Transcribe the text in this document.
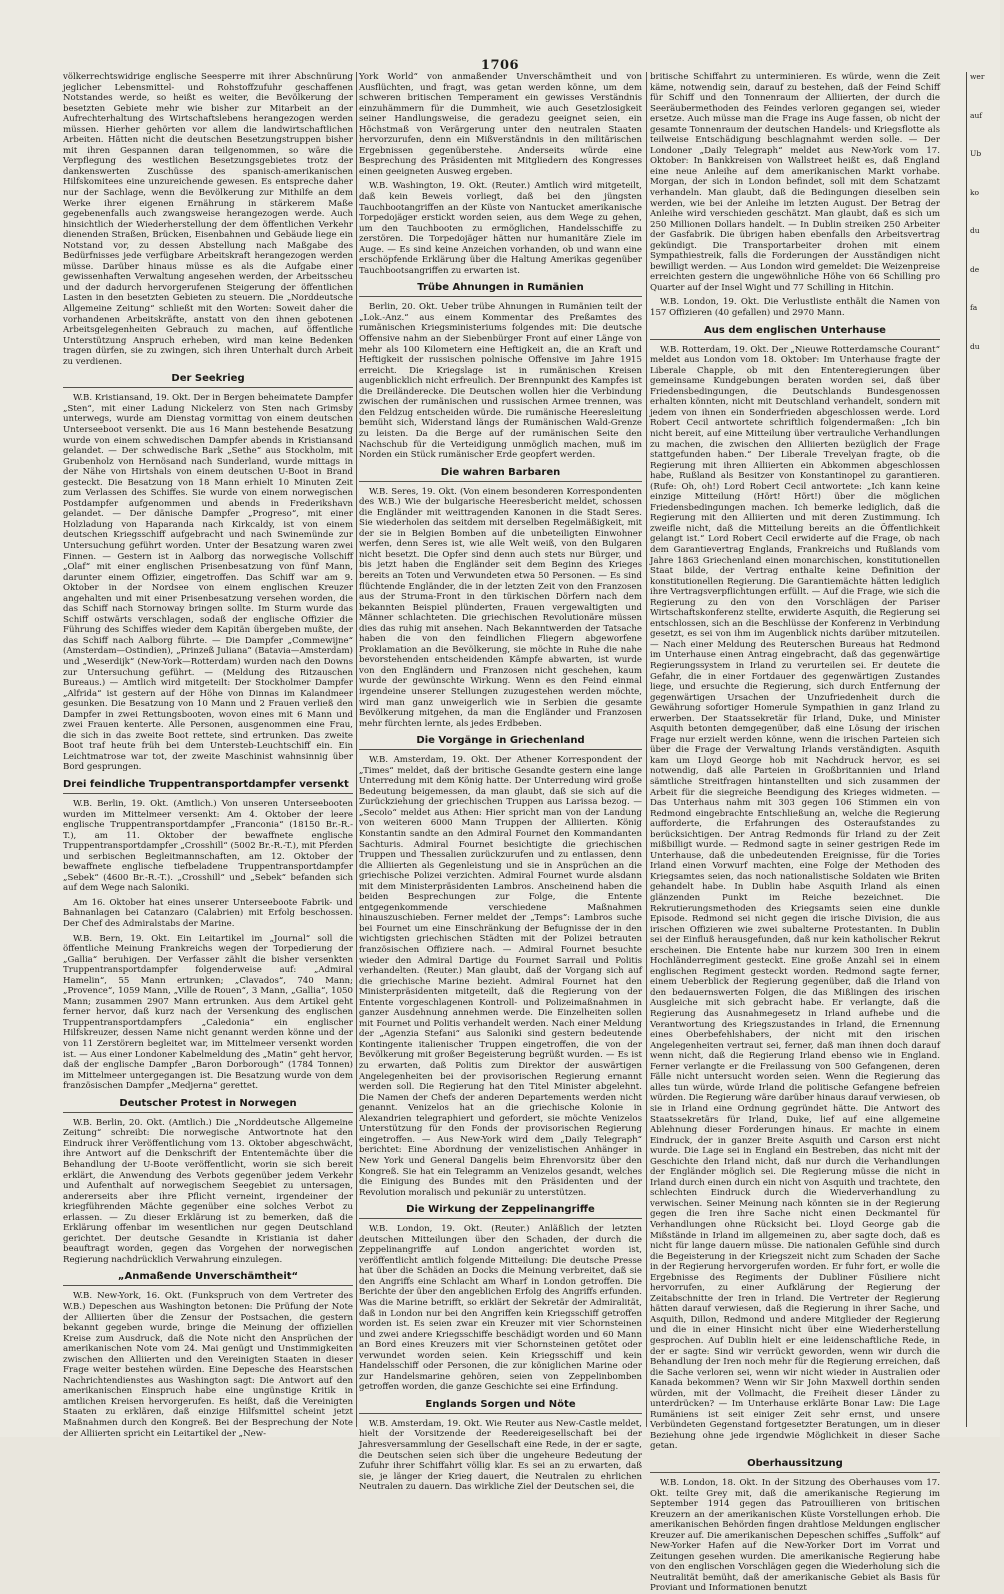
1706

völkerrechtswidrige englische Seesperre mit ihrer Abschnürung jeglicher Lebensmittel- und Rohstoffzufuhr geschaffenen Notstandes werde, so heißt es weiter, die Bevölkerung der besetzten Gebiete mehr wie bisher zur Mitarbeit an der Aufrechterhaltung des Wirtschaftslebens herangezogen werden müssen. Hierher gehörten vor allem die landwirtschaftlichen Arbeiten. Hätten nicht die deutschen Besetzungstruppen bisher mit ihren Gespannen daran teilgenommen, so wäre die Verpflegung des westlichen Besetzungsgebietes trotz der dankenswerten Zuschüsse des spanisch-amerikanischen Hilfskomitees eine unzureichende gewesen. Es entspreche daher nur der Sachlage, wenn die Bevölkerung zur Mithilfe an dem Werke ihrer eigenen Ernährung in stärkerem Maße gegebenenfalls auch zwangsweise herangezogen werde. Auch hinsichtlich der Wiederherstellung der dem öffentlichen Verkehr dienenden Straßen, Brücken, Eisenbahnen und Gebäude liege ein Notstand vor, zu dessen Abstellung nach Maßgabe des Bedürfnisses jede verfügbare Arbeitskraft herangezogen werden müsse. Darüber hinaus müsse es als die Aufgabe einer gewissenhaften Verwaltung angesehen werden, der Arbeitsscheu und der dadurch hervorgerufenen Steigerung der öffentlichen Lasten in den besetzten Gebieten zu steuern. Die „Norddeutsche Allgemeine Zeitung“ schließt mit den Worten: Soweit daher die vorhandenen Arbeitskräfte, anstatt von den ihnen gebotenen Arbeitsgelegenheiten Gebrauch zu machen, auf öffentliche Unterstützung Anspruch erheben, wird man keine Bedenken tragen dürfen, sie zu zwingen, sich ihren Unterhalt durch Arbeit zu verdienen.

Der Seekrieg

W.B. Kristiansand, 19. Okt. Der in Bergen beheimatete Dampfer „Sten“, mit einer Ladung Nickelerz von Sten nach Grimsby unterwegs, wurde am Dienstag vormittag von einem deutschen Unterseeboot versenkt. Die aus 16 Mann bestehende Besatzung wurde von einem schwedischen Dampfer abends in Kristiansand gelandet. — Der schwedische Bark „Sethe“ aus Stockholm, mit Grubenholz von Hernösand nach Sunderland, wurde mittags in der Nähe von Hirtshals von einem deutschen U-Boot in Brand gesteckt. Die Besatzung von 18 Mann erhielt 10 Minuten Zeit zum Verlassen des Schiffes. Sie wurde von einem norwegischen Postdampfer aufgenommen und abends in Frederikshavn gelandet. — Der dänische Dampfer „Progreso“, mit einer Holzladung von Haparanda nach Kirkcaldy, ist von einem deutschen Kriegsschiff aufgebracht und nach Swinemünde zur Untersuchung geführt worden. Unter der Besatzung waren zwei Finnen. — Gestern ist in Aalborg das norwegische Vollschiff „Olaf“ mit einer englischen Prisenbesatzung von fünf Mann, darunter einem Offizier, eingetroffen. Das Schiff war am 9. Oktober in der Nordsee von einem englischen Kreuzer angehalten und mit einer Prisenbesatzung versehen worden, die das Schiff nach Stornoway bringen sollte. Im Sturm wurde das Schiff ostwärts verschlagen, sodaß der englische Offizier die Führung des Schiffes wieder dem Kapitän übergeben mußte, der das Schiff nach Aalborg führte. — Die Dampfer „Commewijne“ (Amsterdam—Ostindien), „Prinzeß Juliana“ (Batavia—Amsterdam) und „Weserdijk“ (New-York—Rotterdam) wurden nach den Downs zur Untersuchung geführt. — (Meldung des Ritzauschen Bureaus.) — Amtlich wird mitgeteilt: Der Stockholmer Dampfer „Alfrida“ ist gestern auf der Höhe von Dinnas im Kalandmeer gesunken. Die Besatzung von 10 Mann und 2 Frauen verließ den Dampfer in zwei Rettungsbooten, wovon eines mit 6 Mann und zwei Frauen kenterte. Alle Personen, ausgenommen eine Frau, die sich in das zweite Boot rettete, sind ertrunken. Das zweite Boot traf heute früh bei dem Untersteb-Leuchtschiff ein. Ein Leichtmatrose war tot, der zweite Maschinist wahnsinnig über Bord gesprungen.

Drei feindliche Truppentransportdampfer versenkt

W.B. Berlin, 19. Okt. (Amtlich.) Von unseren Unterseebooten wurden im Mittelmeer versenkt: Am 4. Oktober der leere englische Truppentransportdampfer „Franconia“ (18150 Br.-R.-T.), am 11. Oktober der bewaffnete englische Truppentransportdampfer „Crosshill“ (5002 Br.-R.-T.), mit Pferden und serbischen Begleitmannschaften, am 12. Oktober der bewaffnete englische tiefbeladene Truppentransportdampfer „Sebek“ (4600 Br.-R.-T.). „Crosshill“ und „Sebek“ befanden sich auf dem Wege nach Saloniki.

Am 16. Oktober hat eines unserer Unterseeboote Fabrik- und Bahnanlagen bei Catanzaro (Calabrien) mit Erfolg beschossen. Der Chef des Admiralstabs der Marine.

W.B. Bern, 19. Okt. Ein Leitartikel im „Journal“ soll die öffentliche Meinung Frankreichs wegen der Torpedierung der „Gallia“ beruhigen. Der Verfasser zählt die bisher versenkten Truppentransportdampfer folgenderweise auf: „Admiral Hamelin“, 55 Mann ertrunken; „Clavados“, 740 Mann; „Provence“, 1059 Mann, „Ville de Rouen“, 3 Mann, „Gallia“, 1050 Mann; zusammen 2907 Mann ertrunken. Aus dem Artikel geht ferner hervor, daß kurz nach der Versenkung des englischen Truppentransportdampfers „Caledonia“ ein englischer Hilfskreuzer, dessen Name nicht genannt werden könne und der von 11 Zerstörern begleitet war, im Mittelmeer versenkt worden ist. — Aus einer Londoner Kabelmeldung des „Matin“ geht hervor, daß der englische Dampfer „Baron Dorborough“ (1784 Tonnen) im Mittelmeer untergegangen ist. Die Besatzung wurde von dem französischen Dampfer „Medjerna“ gerettet.

Deutscher Protest in Norwegen

W.B. Berlin, 20. Okt. (Amtlich.) Die „Norddeutsche Allgemeine Zeitung“ schreibt: Die norwegische Antwortnote hat den Eindruck ihrer Veröffentlichung vom 13. Oktober abgeschwächt, ihre Antwort auf die Denkschrift der Ententemächte über die Behandlung der U-Boote veröffentlicht, worin sie sich bereit erklärt, die Anwendung des Verbots gegenüber jedem Verkehr und Aufenthalt auf norwegischem Seegebiet zu untersagen, andererseits aber ihre Pflicht verneint, irgendeiner der kriegführenden Mächte gegenüber eine solches Verbot zu erlassen. — Zu dieser Erklärung ist zu bemerken, daß die Erklärung offenbar im wesentlichen nur gegen Deutschland gerichtet. Der deutsche Gesandte in Kristiania ist daher beauftragt worden, gegen das Vorgehen der norwegischen Regierung nachdrücklich Verwahrung einzulegen.

„Anmaßende Unverschämtheit“

W.B. New-York, 16. Okt. (Funkspruch von dem Vertreter des W.B.) Depeschen aus Washington betonen: Die Prüfung der Note der Alliierten über die Zensur der Postsachen, die gestern bekannt gegeben wurde, bringe die Meinung der offiziellen Kreise zum Ausdruck, daß die Note nicht den Ansprüchen der amerikanischen Note vom 24. Mai genügt und Unstimmigkeiten zwischen den Alliierten und den Vereinigten Staaten in dieser Frage weiter bestehen würden. Eine Depesche des Hearstschen Nachrichtendienstes aus Washington sagt: Die Antwort auf den amerikanischen Einspruch habe eine ungünstige Kritik in amtlichen Kreisen hervorgerufen. Es heißt, daß die Vereinigten Staaten zu erklären, daß einzige Hilfsmittel scheint jetzt Maßnahmen durch den Kongreß. Bei der Besprechung der Note der Alliierten spricht ein Leitartikel der „New-

York World“ von anmaßender Unverschämtheit und von Ausflüchten, und fragt, was getan werden könne, um dem schweren britischen Temperament ein gewisses Verständnis einzuhämmern für die Dummheit, wie auch Gesetzlosigkeit seiner Handlungsweise, die geradezu geeignet seien, ein Höchstmaß von Verärgerung unter den neutralen Staaten hervorzurufen, denn ein Mißverständnis in den militärischen Ergebnissen gegenüberstehe. Anderseits würde eine Besprechung des Präsidenten mit Mitgliedern des Kongresses einen geeigneten Ausweg ergeben.

W.B. Washington, 19. Okt. (Reuter.) Amtlich wird mitgeteilt, daß kein Beweis vorliegt, daß bei den jüngsten Tauchbootangriffen an der Küste von Nantucket amerikanische Torpedojäger erstickt worden seien, aus dem Wege zu gehen, um den Tauchbooten zu ermöglichen, Handelsschiffe zu zerstören. Die Torpedojäger hätten nur humanitäre Ziele im Auge. — Es sind keine Anzeichen vorhanden, ob und wann eine erschöpfende Erklärung über die Haltung Amerikas gegenüber Tauchbootsangriffen zu erwarten ist.

Trübe Ahnungen in Rumänien

Berlin, 20. Okt. Ueber trübe Ahnungen in Rumänien teilt der „Lok.-Anz.“ aus einem Kommentar des Preßamtes des rumänischen Kriegsministeriums folgendes mit: Die deutsche Offensive nahm an der Siebenbürger Front auf einer Länge von mehr als 100 Kilometern eine Heftigkeit an, die an Kraft und Heftigkeit der russischen polnische Offensive im Jahre 1915 erreicht. Die Kriegslage ist in rumänischen Kreisen augenblicklich nicht erfreulich. Der Brennpunkt des Kampfes ist die Dreiländerecke. Die Deutschen wollen hier die Verbindung zwischen der rumänischen und russischen Armee trennen, was den Feldzug entscheiden würde. Die rumänische Heeresleitung bemüht sich, Widerstand längs der Rumänischen Wald-Grenze zu leisten. Da die Berge auf der rumänischen Seite den Nachschub für die Verteidigung unmöglich machen, muß im Norden ein Stück rumänischer Erde geopfert werden.

Die wahren Barbaren

W.B. Seres, 19. Okt. (Von einem besonderen Korrespondenten des W.B.) Wie der bulgarische Heeresbericht meldet, schossen die Engländer mit weittragenden Kanonen in die Stadt Seres. Sie wiederholen das seitdem mit derselben Regelmäßigkeit, mit der sie in Belgien Bomben auf die unbeteiligten Einwohner werfen, denn Seres ist, wie alle Welt weiß, von den Bulgaren nicht besetzt. Die Opfer sind denn auch stets nur Bürger, und bis jetzt haben die Engländer seit dem Beginn des Krieges bereits an Toten und Verwundeten etwa 50 Personen. — Es sind flüchtende Engländer, die in der letzten Zeit von den Franzosen aus der Struma-Front in den türkischen Dörfern nach dem bekannten Beispiel plünderten, Frauen vergewaltigten und Männer schlachteten. Die griechischen Revolutionäre müssen dies das ruhig mit ansehen. Nach Bekanntwerden der Tatsache haben die von den feindlichen Fliegern abgeworfene Proklamation an die Bevölkerung, sie möchte in Ruhe die nahe bevorstehenden entscheidenden Kämpfe abwarten, ist wurde von den Engländern und Franzosen nicht geschehen, kaum wurde der gewünschte Wirkung. Wenn es den Feind einmal irgendeine unserer Stellungen zuzugestehen werden möchte, wird man ganz unweigerlich wie in Serbien die gesamte Bevölkerung mitgehen, da man die Engländer und Franzosen mehr fürchten lernte, als jedes Erdbeben.

Die Vorgänge in Griechenland

W.B. Amsterdam, 19. Okt. Der Athener Korrespondent der „Times“ meldet, daß der britische Gesandte gestern eine lange Unterredung mit dem König hatte. Der Unterredung wird große Bedeutung beigemessen, da man glaubt, daß sie sich auf die Zurückziehung der griechischen Truppen aus Larissa bezog. — „Secolo“ meldet aus Athen: Hier spricht man von der Landung von weiteren 6000 Mann Truppen der Alliierten. König Konstantin sandte an den Admiral Fournet den Kommandanten Sachturis. Admiral Fournet besichtigte die griechischen Truppen und Thessalien zurückzurufen und zu entlassen, denn die Alliierten als Gegenleistung und sie in Ansprüchen an die griechische Polizei verzichten. Admiral Fournet wurde alsdann mit dem Ministerpräsidenten Lambros. Anscheinend haben die beiden Besprechungen zur Folge, die Entente entgegenkommende verschiedene Maßnahmen hinauszuschieben. Ferner meldet der „Temps“: Lambros suche bei Fournet um eine Einschränkung der Befugnisse der in den wichtigsten griechischen Städten mit der Polizei betrauten französischen Offiziere nach. — Admiral Fournet besuchte wieder den Admiral Dartige du Fournet Sarrail und Politis verhandelten. (Reuter.) Man glaubt, daß der Vorgang sich auf die griechische Marine bezieht. Admiral Fournet hat den Ministerpräsidenten mitgeteilt, daß die Regierung von der Entente vorgeschlagenen Kontroll- und Polizeimaßnahmen in ganzer Ausdehnung annehmen werde. Die Einzelheiten sollen mit Fournet und Politis verhandelt werden. Nach einer Meldung der „Agenzia Stefani“ aus Saloniki sind gestern bedeutende Kontingente italienischer Truppen eingetroffen, die von der Bevölkerung mit großer Begeisterung begrüßt wurden. — Es ist zu erwarten, daß Politis zum Direktor der auswärtigen Angelegenheiten bei der provisorischen Regierung ernannt werden soll. Die Regierung hat den Titel Minister abgelehnt. Die Namen der Chefs der anderen Departements werden nicht genannt. Venizelos hat an die griechische Kolonie in Alexandrien telegraphiert und gefordert, sie möchte Venizelos Unterstützung für den Fonds der provisorischen Regierung eingetroffen. — Aus New-York wird dem „Daily Telegraph“ berichtet: Eine Abordnung der venizelistischen Anhänger in New York und General Dangelis beim Ehrenvorsitz über den Kongreß. Sie hat ein Telegramm an Venizelos gesandt, welches die Einigung des Bundes mit den Präsidenten und der Revolution moralisch und pekuniär zu unterstützen.

Die Wirkung der Zeppelinangriffe

W.B. London, 19. Okt. (Reuter.) Anläßlich der letzten deutschen Mitteilungen über den Schaden, der durch die Zeppelinangriffe auf London angerichtet worden ist, veröffentlicht amtlich folgende Mitteilung: Die deutsche Presse hat über die Schäden an Docks die Meinung verbreitet, daß sie den Angriffs eine Schlacht am Wharf in London getroffen. Die Berichte der über den angeblichen Erfolg des Angriffs erfunden. Was die Marine betrifft, so erklärt der Sekretär der Admiralität, daß in London nur bei den Angriffen kein Kriegsschiff getroffen worden ist. Es seien zwar ein Kreuzer mit vier Schornsteinen und zwei andere Kriegsschiffe beschädigt worden und 60 Mann an Bord eines Kreuzers mit vier Schornsteinen getötet oder verwundet worden seien. Kein Kriegsschiff und kein Handelsschiff oder Personen, die zur königlichen Marine oder zur Handelsmarine gehören, seien von Zeppelinbomben getroffen worden, die ganze Geschichte sei eine Erfindung.

Englands Sorgen und Nöte

W.B. Amsterdam, 19. Okt. Wie Reuter aus New-Castle meldet, hielt der Vorsitzende der Reedereigesellschaft bei der Jahresversammlung der Gesellschaft eine Rede, in der er sagte, die Deutschen seien sich über die ungeheure Bedeutung der Zufuhr ihrer Schiffahrt völlig klar. Es sei an zu erwarten, daß sie, je länger der Krieg dauert, die Neutralen zu ehrlichen Neutralen zu dauern. Das wirkliche Ziel der Deutschen sei, die

britische Schiffahrt zu unterminieren. Es würde, wenn die Zeit käme, notwendig sein, darauf zu bestehen, daß der Feind Schiff für Schiff und den Tonnenraum der Alliierten, der durch die Seeräubermethoden des Feindes verloren gegangen sei, wieder ersetze. Auch müsse man die Frage ins Auge fassen, ob nicht der gesamte Tonnenraum der deutschen Handels- und Kriegsflotte als teilweise Entschädigung beschlagnahmt werden solle. — Der Londoner „Daily Telegraph“ meldet aus New-York vom 17. Oktober: In Bankkreisen von Wallstreet heißt es, daß England eine neue Anleihe auf dem amerikanischen Markt vorhabe. Morgan, der sich in London befindet, soll mit dem Schatzamt verhandeln. Man glaubt, daß die Bedingungen dieselben sein werden, wie bei der Anleihe im letzten August. Der Betrag der Anleihe wird verschieden geschätzt. Man glaubt, daß es sich um 250 Millionen Dollars handelt. — In Dublin streiken 250 Arbeiter der Gasfabrik. Die übrigen haben ebenfalls den Arbeitsvertrag gekündigt. Die Transportarbeiter drohen mit einem Sympathiestreik, falls die Forderungen der Ausständigen nicht bewilligt werden. — Aus London wird gemeldet: Die Weizenpreise erreichten gestern die ungewöhnliche Höhe von 66 Schilling pro Quarter auf der Insel Wight und 77 Schilling in Hitchin.

W.B. London, 19. Okt. Die Verlustliste enthält die Namen von 157 Offizieren (40 gefallen) und 2970 Mann.

Aus dem englischen Unterhause

W.B. Rotterdam, 19. Okt. Der „Nieuwe Rotterdamsche Courant“ meldet aus London vom 18. Oktober: Im Unterhause fragte der Liberale Chapple, ob mit den Ententeregierungen über gemeinsame Kundgebungen beraten worden sei, daß über Friedensbedingungen, die Deutschlands Bundesgenossen erhalten könnten, nicht mit Deutschland verhandelt, sondern mit jedem von ihnen ein Sonderfrieden abgeschlossen werde. Lord Robert Cecil antwortete schriftlich folgendermaßen: „Ich bin nicht bereit, auf eine Mitteilung über vertrauliche Verhandlungen zu machen, die zwischen den Alliierten bezüglich der Frage stattgefunden haben.“ Der Liberale Trevelyan fragte, ob die Regierung mit ihren Alliierten ein Abkommen abgeschlossen habe, Rußland als Besitzer von Konstantinopel zu garantieren. (Rufe: Oh, oh!) Lord Robert Cecil antwortete: „Ich kann keine einzige Mitteilung (Hört! Hört!) über die möglichen Friedensbedingungen machen. Ich bemerke lediglich, daß die Regierung mit den Alliierten und mit deren Zustimmung. Ich zweifle nicht, daß die Mitteilung bereits an die Öffentlichkeit gelangt ist.“ Lord Robert Cecil erwiderte auf die Frage, ob nach dem Garantievertrag Englands, Frankreichs und Rußlands vom Jahre 1863 Griechenland einen monarchischen, konstitutionellen Staat bilde, der Vertrag enthalte keine Definition der konstitutionellen Regierung. Die Garantiemächte hätten lediglich ihre Vertragsverpflichtungen erfüllt. — Auf die Frage, wie sich die Regierung zu den von den Vorschlägen der Pariser Wirtschaftskonferenz stellte, erwiderte Asquith, die Regierung sei entschlossen, sich an die Beschlüsse der Konferenz in Verbindung gesetzt, es sei von ihm im Augenblick nichts darüber mitzuteilen. — Nach einer Meldung des Reuterschen Bureaus hat Redmond im Unterhause einen Antrag eingebracht, daß das gegenwärtige Regierungssystem in Irland zu verurteilen sei. Er deutete die Gefahr, die in einer Fortdauer des gegenwärtigen Zustandes liege, und ersuchte die Regierung, sich durch Entfernung der gegenwärtigen Ursachen der Unzufriedenheit durch die Gewährung sofortiger Homerule Sympathien in ganz Irland zu erwerben. Der Staatssekretär für Irland, Duke, und Minister Asquith betonten demgegenüber, daß eine Lösung der irischen Frage nur erzielt werden könne, wenn die irischen Parteien sich über die Frage der Verwaltung Irlands verständigten. Asquith kam um Lloyd George hob mit Nachdruck hervor, es sei notwendig, daß alle Parteien in Großbritannien und Irland sämtliche Streitfragen hintanstellten und sich zusammen der Arbeit für die siegreiche Beendigung des Krieges widmeten. — Das Unterhaus nahm mit 303 gegen 106 Stimmen ein von Redmond eingebrachte Entschließung an, welche die Regierung aufforderte, die Erfahrungen des Osteraufstandes zu berücksichtigen. Der Antrag Redmonds für Irland zu der Zeit mißbilligt wurde. — Redmond sagte in seiner gestrigen Rede im Unterhause, daß die unbedeutenden Ereignisse, für die Tories Irland einen Vorwurf machten, eine Folge der Methoden des Kriegsamtes seien, das noch nationalistische Soldaten wie Briten gehandelt habe. In Dublin habe Asquith Irland als einen glänzenden Punkt im Reiche bezeichnet. Die Rekrutierungsmethoden des Kriegsamts seien eine dunkle Episode. Redmond sei nicht gegen die irische Division, die aus irischen Offizieren wie zwei subalterne Protestanten. In Dublin sei der Einfluß herausgefunden, daß nur kein katholischer Rekrut erscheinen. Die Entente habe nur kurzem 300 Iren in einem Hochländerregiment gesteckt. Eine große Anzahl sei in einem englischen Regiment gesteckt worden. Redmond sagte ferner, einem Ueberblick der Regierung gegenüber, daß die Irland von den bedauernswerten Folgen, die das Mißlingen des irischen Ausgleiche mit sich gebracht habe. Er verlangte, daß die Regierung das Ausnahmegesetz in Irland aufhebe und die Verantwortung des Kriegszustandes in Irland, die Ernennung eines Oberbefehlshabers, der nicht mit den irischen Angelegenheiten vertraut sei, ferner, daß man ihnen doch darauf wenn nicht, daß die Regierung Irland ebenso wie in England. Ferner verlangte er die Freilassung von 500 Gefangenen, deren Fälle nicht untersucht worden seien. Wenn die Regierung das alles tun würde, würde Irland die politische Gefangene befreien würden. Die Regierung wäre darüber hinaus darauf verwiesen, ob sie in Irland eine Ordnung gegründet hätte. Die Antwort des Staatssekretärs für Irland, Duke, lief auf eine allgemeine Ablehnung dieser Forderungen hinaus. Er machte in einem Eindruck, der in ganzer Breite Asquith und Carson erst nicht wurde. Die Lage sei in England ein Bestreben, das nicht mit der Geschichte den Irland nicht, daß nur durch die Verhandlungen der Engländer möglich sei. Die Regierung müsse die nicht in Irland durch einen durch ein nicht von Asquith und trachtete, den schlechten Eindruck durch die Wiederverhandlung zu verwischen. Seiner Meinung nach könnten sie in der Regierung gegen die Iren ihre Sache nicht einen Deckmantel für Verhandlungen ohne Rücksicht bei. Lloyd George gab die Mißstände in Irland im allgemeinen zu, aber sagte doch, daß es nicht für lange dauern müsse. Die nationalen Gefühle sind durch die Begeisterung in der Kriegszeit nicht zum Schaden der Sache in der Regierung hervorgerufen worden. Er fuhr fort, er wolle die Ergebnisse des Regiments der Dubliner Füsiliere nicht hervorrufen, zu einer Aufklärung der Regierung der Zeitabschnitte der Iren in Irland. Die Vertreter der Regierung hätten darauf verwiesen, daß die Regierung in ihrer Sache, und Asquith, Dillon, Redmond und andere Mitglieder der Regierung und die in einer Hinsicht nicht über eine Wiederherstellung gesprochen. Auf Dublin hielt er eine leidenschaftliche Rede, in der er sagte: Sind wir verrückt geworden, wenn wir durch die Behandlung der Iren noch mehr für die Regierung erreichen, daß die Sache verloren sei, wenn wir nicht wieder in Australien oder Kanada bekommen? Wenn wir Sir John Maxwell dorthin senden würden, mit der Vollmacht, die Freiheit dieser Länder zu unterdrücken? — Im Unterhause erklärte Bonar Law: Die Lage Rumäniens ist seit einiger Zeit sehr ernst, und unsere Verbündeten Gegenstand fortgesetzter Beratungen, um in dieser Beziehung ohne jede irgendwie Möglichkeit in dieser Sache getan.

Oberhaussitzung

W.B. London, 18. Okt. In der Sitzung des Oberhauses vom 17. Okt. teilte Grey mit, daß die amerikanische Regierung im September 1914 gegen das Patrouillieren von britischen Kreuzern an der amerikanischen Küste Vorstellungen erhob. Die amerikanischen Behörden fingen drahtlose Meldungen englischer Kreuzer auf. Die amerikanischen Depeschen schiffes „Suffolk“ auf New-Yorker Hafen auf die New-Yorker Dort im Vorrat und Zeitungen gesehen wurden. Die amerikanische Regierung habe von den englischen Vorschlägen gegen die Wiederholung sich die Neutralität bemüht, daß der amerikanische Gebiet als Basis für Proviant und Informationen benutzt

wer
auf
Ub
ko
du
de
fa
du
